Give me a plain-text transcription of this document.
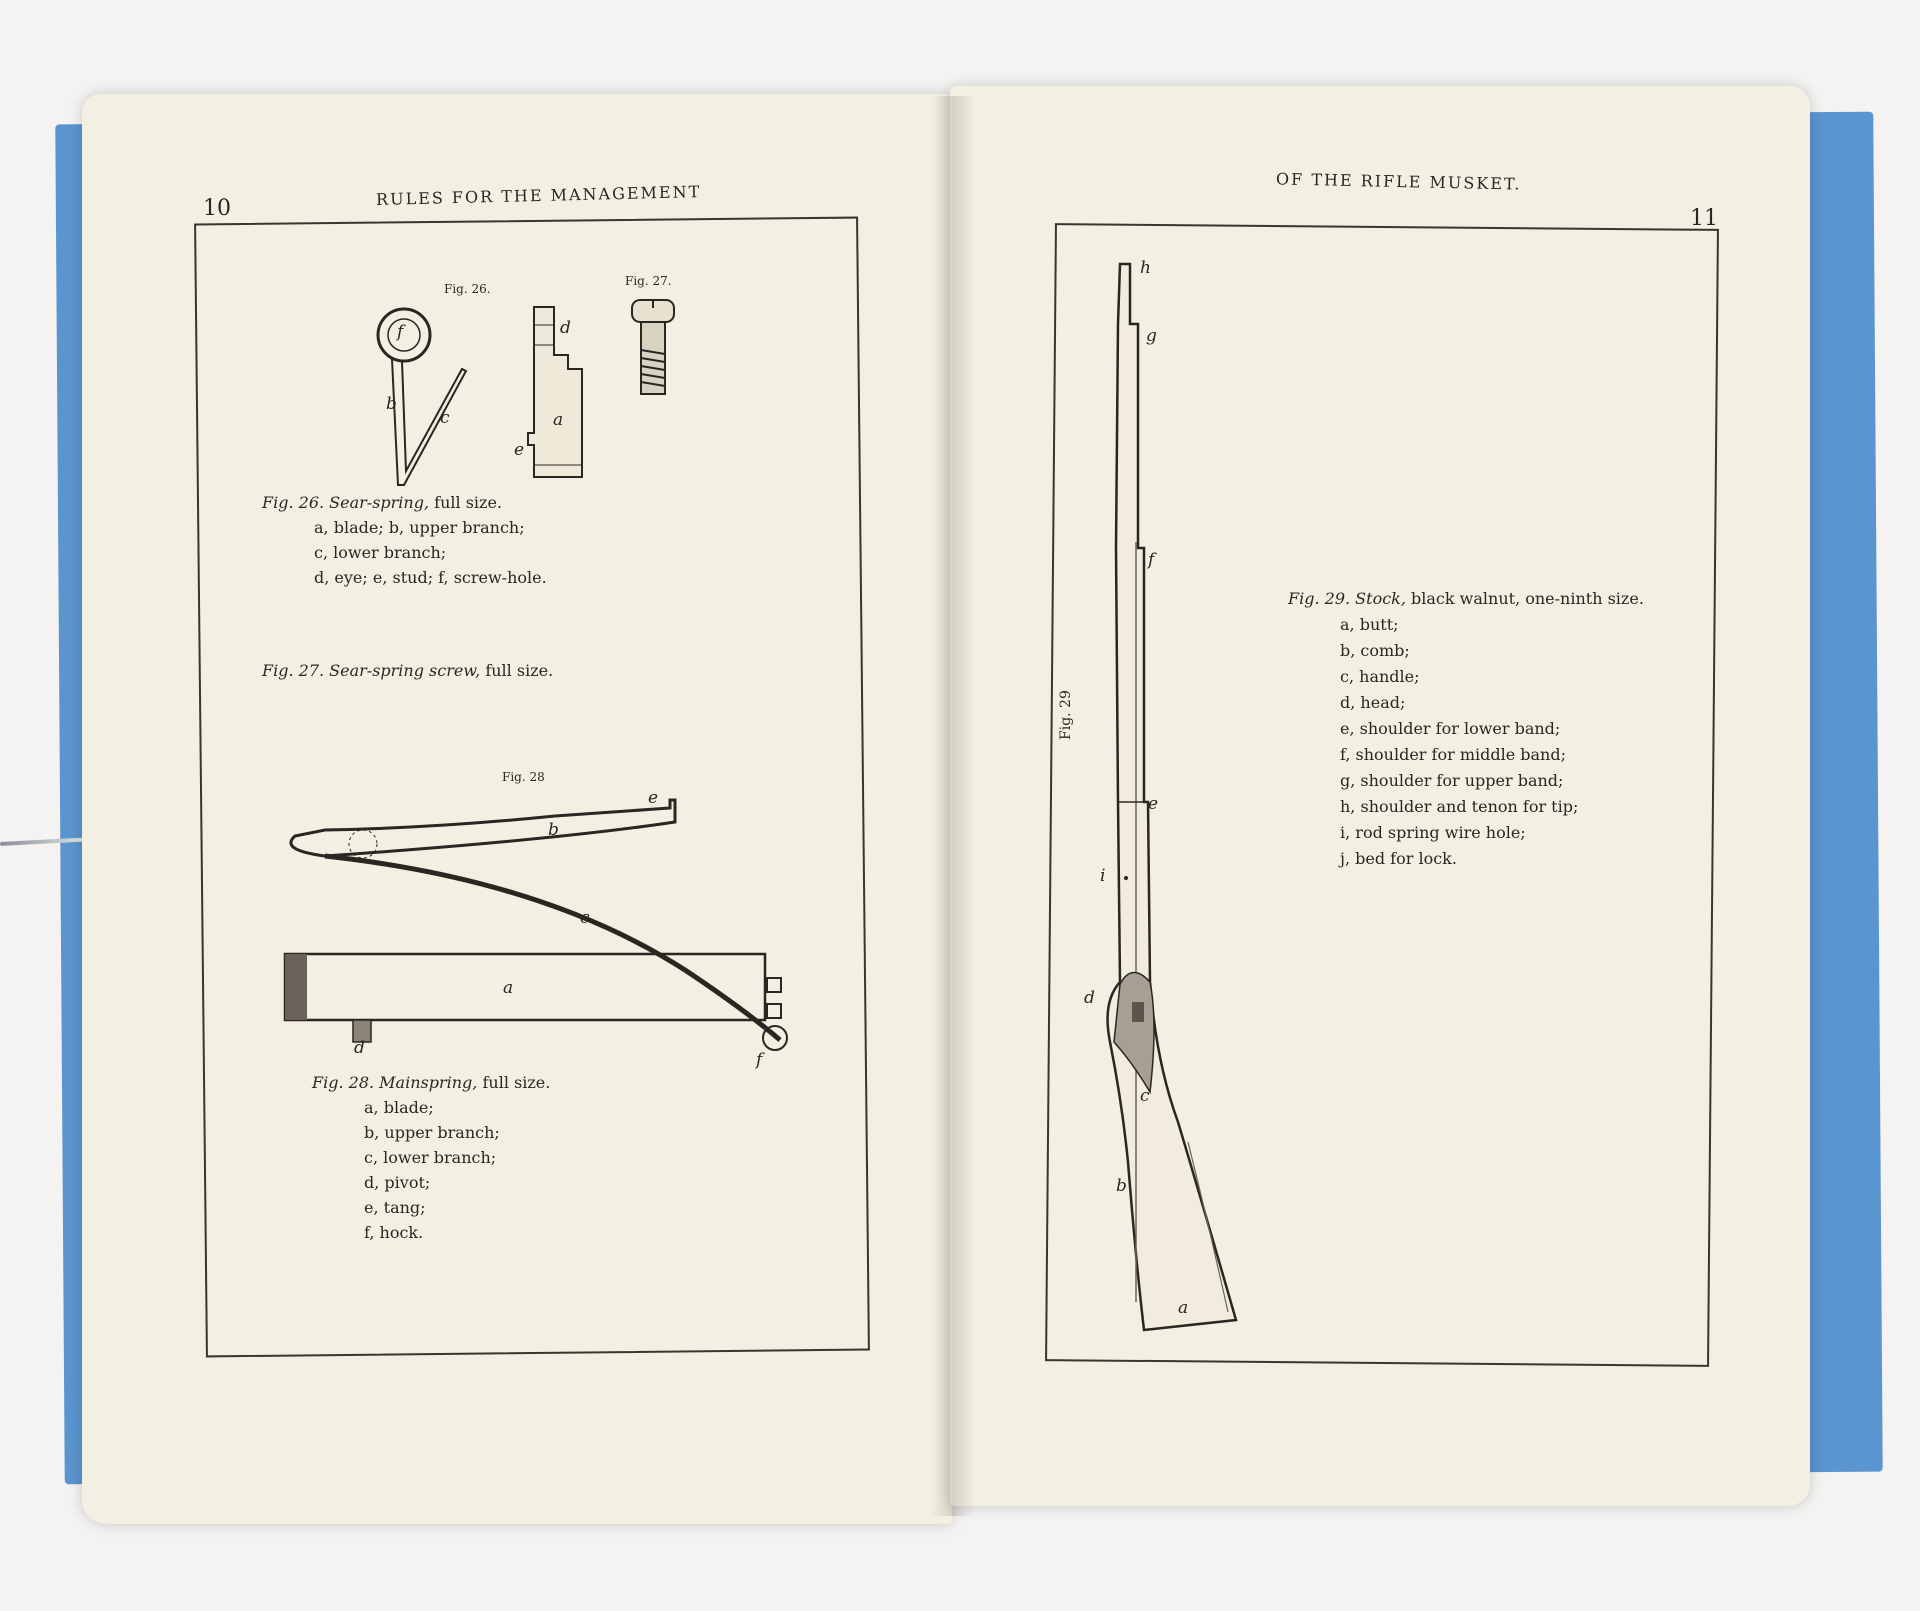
10	RULES FOR THE MANAGEMENT
Fig. 26.
Fig. 27.
f
b
c
d
a
e
Fig. 26. Sear-spring, full size.
a, blade; b, upper branch;
c, lower branch;
d, eye; e, stud; f, screw-hole.
Fig. 27. Sear-spring screw, full size.
Fig. 28
e
b
c
a
d
f
Fig. 28. Mainspring, full size.
a, blade;
b, upper branch;
c, lower branch;
d, pivot;
e, tang;
f, hock.
OF THE RIFLE MUSKET.
11
Fig. 29
h
g
f
e
i
d
c
b
a
Fig. 29. Stock, black walnut, one-ninth size.
a, butt;
b, comb;
c, handle;
d, head;
e, shoulder for lower band;
f, shoulder for middle band;
g, shoulder for upper band;
h, shoulder and tenon for tip;
i, rod spring wire hole;
j, bed for lock.
